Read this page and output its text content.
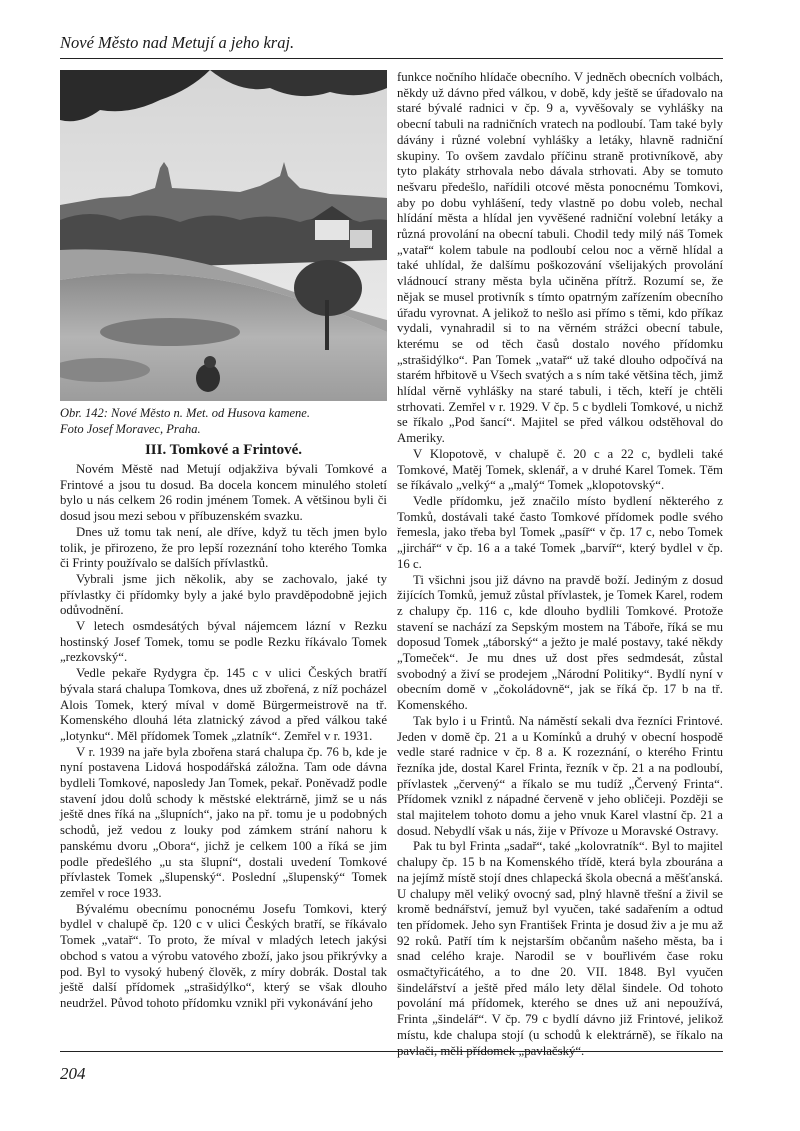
Nové Město nad Metují a jeho kraj.
Obr. 142: Nové Město n. Met. od Husova kamene.
Foto Josef Moravec, Praha.
III. Tomkové a Frintové.

Novém Městě nad Metují odjakživa bývali Tomkové a Frintové a jsou tu dosud. Ba docela koncem minulého století bylo u nás celkem 26 rodin jménem Tomek. A většinou byli či dosud jsou mezi sebou v příbuzenském svazku.

Dnes už tomu tak není, ale dříve, když tu těch jmen bylo tolik, je přirozeno, že pro lepší rozeznání toho kterého Tomka či Frinty používalo se dalších přívlastků.

Vybrali jsme jich několik, aby se zachovalo, jaké ty přívlastky či přídomky byly a jaké bylo pravděpodobně jejich odůvodnění.

V letech osmdesátých býval nájemcem lázní v Rezku hostinský Josef Tomek, tomu se podle Rezku říkávalo Tomek „rezkovský“.

Vedle pekaře Rydygra čp. 145 c v ulici Českých bratří bývala stará chalupa Tomkova, dnes už zbořená, z níž pocházel Alois Tomek, který míval v domě Bürgermeistrově na tř. Komenského dlouhá léta zlatnický závod a před válkou také „lotynku“. Měl přídomek Tomek „zlatník“. Zemřel v r. 1931.

V r. 1939 na jaře byla zbořena stará chalupa čp. 76 b, kde je nyní postavena Lidová hospodářská záložna. Tam ode dávna bydleli Tomkové, naposledy Jan Tomek, pekař. Poněvadž podle stavení jdou dolů schody k městské elektrárně, jimž se u nás ještě dnes říká na „šlupních“, jako na př. tomu je u podobných schodů, jež vedou z louky pod zámkem strání nahoru k panskému dvoru „Obora“, jichž je celkem 100 a říká se jim podle předešlého „u sta šlupní“, dostali uvedení Tomkové přívlastek Tomek „šlupenský“. Poslední „šlupenský“ Tomek zemřel v roce 1933.

Bývalému obecnímu ponocnému Josefu Tomkovi, který bydlel v chalupě čp. 120 c v ulici Českých bratří, se říkávalo Tomek „vatař“. To proto, že míval v mladých letech jakýsi obchod s vatou a výrobu vatového zboží, jako jsou přikrývky a pod. Byl to vysoký hubený člověk, z míry dobrák. Dostal tak ještě další přídomek „strašidýlko“, který se však dlouho neudržel. Původ tohoto přídomku vznikl při vykonávání jeho

funkce nočního hlídače obecního. V jedněch obecních volbách, někdy už dávno před válkou, v době, kdy ještě se úřadovalo na staré bývalé radnici v čp. 9 a, vyvěšovaly se vyhlášky na obecní tabuli na radničních vratech na podloubí. Tam také byly dávány i různé volební vyhlášky a letáky, hlavně radniční skupiny. To ovšem zavdalo příčinu straně protivníkově, aby tyto plakáty strhovala nebo dávala strhovati. Aby se tomuto nešvaru předešlo, nařídili otcové města ponocnému Tomkovi, aby po dobu vyhlášení, tedy vlastně po dobu voleb, nechal hlídání města a hlídal jen vyvěšené radniční volební letáky a různá provolání na obecní tabuli. Chodil tedy milý náš Tomek „vatař“ kolem tabule na podloubí celou noc a věrně hlídal a také uhlídal, že dalšímu poškozování všelijakých provolání vládnoucí strany města byla učiněna přítrž. Rozumí se, že nějak se musel protivník s tímto opatrným zařízením obecního úřadu vyrovnat. A jelikož to nešlo asi přímo s těmi, kdo příkaz vydali, vynahradil si to na věrném strážci obecní tabule, kterému se od těch časů dostalo nového přídomku „strašidýlko“. Pan Tomek „vatař“ už také dlouho odpočívá na starém hřbitově u Všech svatých a s ním také většina těch, jimž hlídal věrně vyhlášky na staré tabuli, i těch, kteří je chtěli strhovati. Zemřel v r. 1929. V čp. 5 c bydleli Tomkové, u nichž se říkalo „Pod šancí“. Majitel se před válkou odstěhoval do Ameriky.

V Klopotově, v chalupě č. 20 c a 22 c, bydleli také Tomkové, Matěj Tomek, sklenář, a v druhé Karel Tomek. Těm se říkávalo „velký“ a „malý“ Tomek „klopotovský“.

Vedle přídomku, jež značilo místo bydlení některého z Tomků, dostávali také často Tomkové přídomek podle svého řemesla, jako třeba byl Tomek „pasíř“ v čp. 17 c, nebo Tomek „jirchář“ v čp. 16 a a také Tomek „barvíř“, který bydlel v čp. 16 c.

Ti všichni jsou již dávno na pravdě boží. Jediným z dosud žijících Tomků, jemuž zůstal přívlastek, je Tomek Karel, rodem z chalupy čp. 116 c, kde dlouho bydlili Tomkové. Protože stavení se nachází za Sepským mostem na Táboře, říká se mu doposud Tomek „táborský“ a ježto je malé postavy, také někdy „Tomeček“. Je mu dnes už dost přes sedmdesát, zůstal svobodný a živí se prodejem „Národní Politiky“. Bydlí nyní v obecním domě v „čokoládovně“, jak se říká čp. 17 b na tř. Komenského.

Tak bylo i u Frintů. Na náměstí sekali dva řezníci Frintové. Jeden v domě čp. 21 a u Komínků a druhý v obecní hospodě vedle staré radnice v čp. 8 a. K rozeznání, o kterého Frintu řezníka jde, dostal Karel Frinta, řezník v čp. 21 a na podloubí, přívlastek „červený“ a říkalo se mu tudíž „Červený Frinta“. Přídomek vznikl z nápadné červeně v jeho obličeji. Později se stal majitelem tohoto domu a jeho vnuk Karel vlastní čp. 21 a dosud. Nebydlí však u nás, žije v Přívoze u Moravské Ostravy.

Pak tu byl Frinta „sadař“, také „kolovratník“. Byl to majitel chalupy čp. 15 b na Komenského třídě, která byla zbourána a na jejímž místě stojí dnes chlapecká škola obecná a měšťanská. U chalupy měl veliký ovocný sad, plný hlavně třešní a živil se kromě bednářství, jemuž byl vyučen, také sadařením a odtud ten přídomek. Jeho syn František Frinta je dosud živ a je mu až 92 roků. Patří tím k nejstarším občanům našeho města, ba i snad celého kraje. Narodil se v bouřlivém čase roku osmačtyřicátého, a to dne 20. VII. 1848. Byl vyučen šindelářství a ještě před málo lety dělal šindele. Od tohoto povolání má přídomek, kterého se dnes už ani nepoužívá, Frinta „šindelář“. V čp. 79 c bydlí dávno již Frintové, jelikož místu, kde chalupa stojí (u schodů k elektrárně), se říkalo na pavlači, měli přídomek „pavlačský“.

204
